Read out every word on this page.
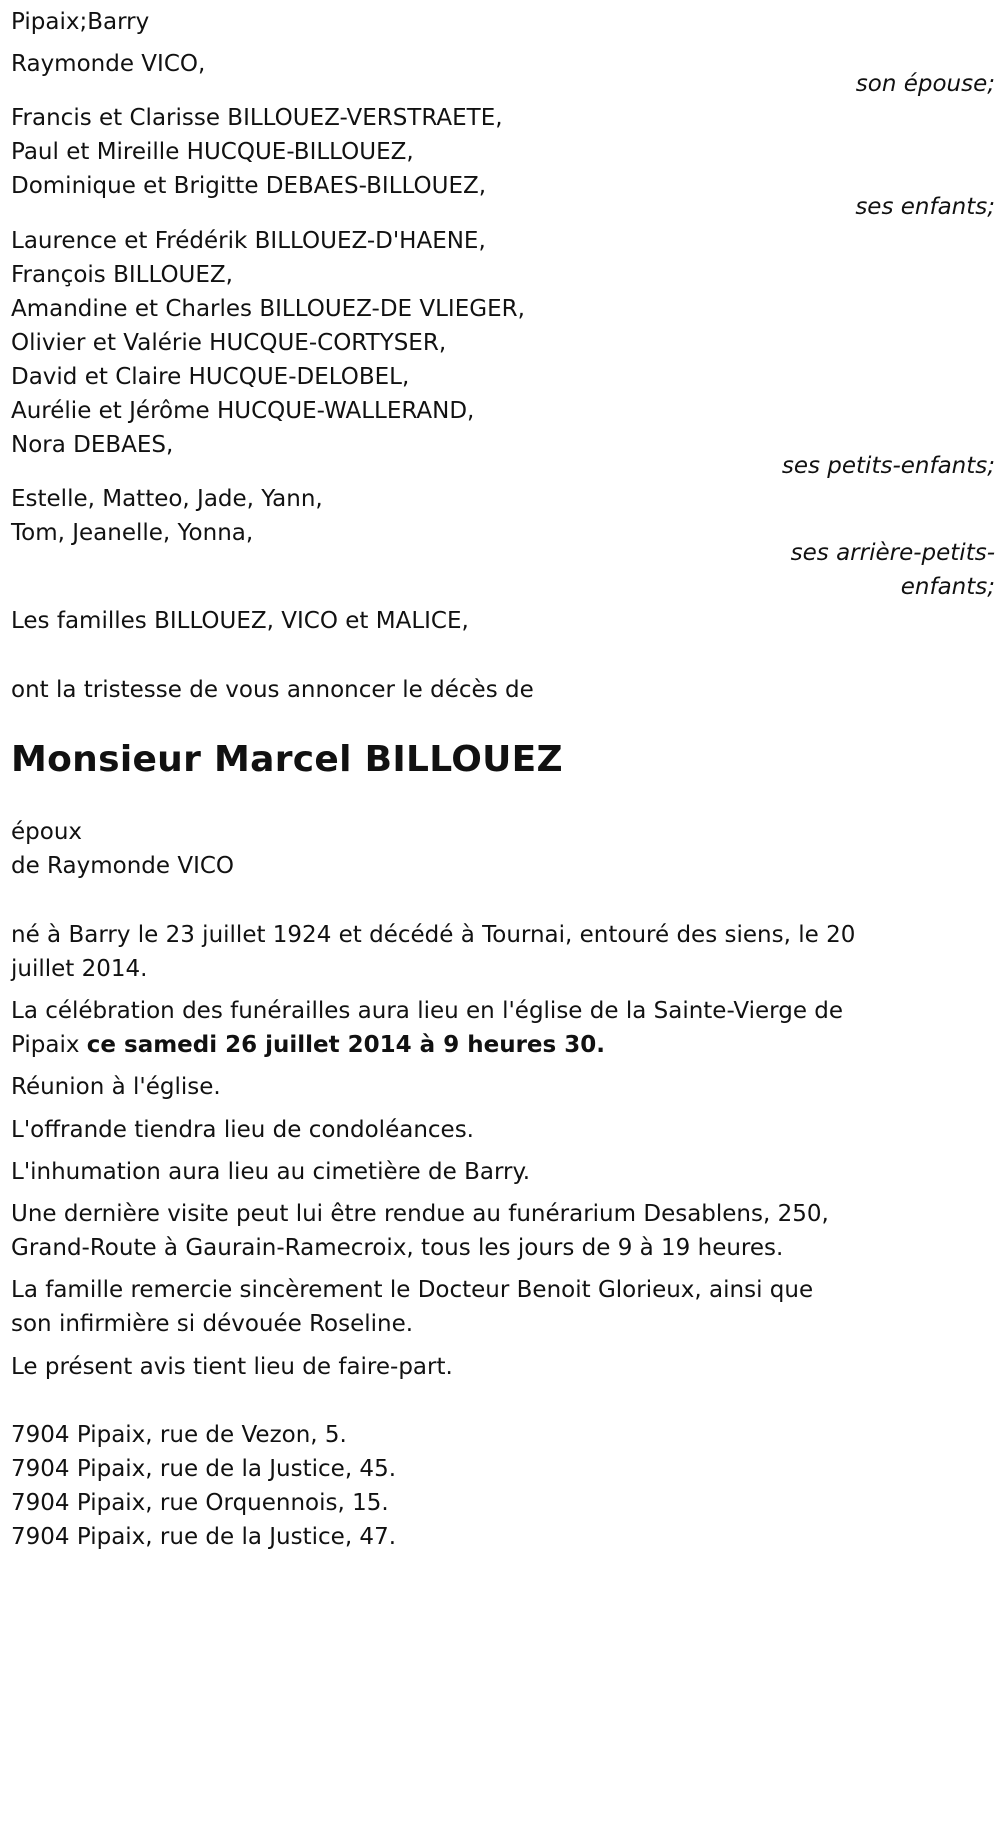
Pipaix;Barry
Raymonde VICO,
son épouse;
Francis et Clarisse BILLOUEZ-VERSTRAETE,
Paul et Mireille HUCQUE-BILLOUEZ,
Dominique et Brigitte DEBAES-BILLOUEZ,
ses enfants;
Laurence et Frédérik BILLOUEZ-D'HAENE,
François BILLOUEZ,
Amandine et Charles BILLOUEZ-DE VLIEGER,
Olivier et Valérie HUCQUE-CORTYSER,
David et Claire HUCQUE-DELOBEL,
Aurélie et Jérôme HUCQUE-WALLERAND,
Nora DEBAES,
ses petits-enfants;
Estelle, Matteo, Jade, Yann,
Tom, Jeanelle, Yonna,
ses arrière-petits-
enfants;
Les familles BILLOUEZ, VICO et MALICE,
ont la tristesse de vous annoncer le décès de
Monsieur Marcel BILLOUEZ
époux
de Raymonde VICO
né à Barry le 23 juillet 1924 et décédé à Tournai, entouré des siens, le 20
juillet 2014.
La célébration des funérailles aura lieu en l'église de la Sainte-Vierge de
Pipaix ce samedi 26 juillet 2014 à 9 heures 30.
Réunion à l'église.
L'offrande tiendra lieu de condoléances.
L'inhumation aura lieu au cimetière de Barry.
Une dernière visite peut lui être rendue au funérarium Desablens, 250,
Grand-Route à Gaurain-Ramecroix, tous les jours de 9 à 19 heures.
La famille remercie sincèrement le Docteur Benoit Glorieux, ainsi que
son infirmière si dévouée Roseline.
Le présent avis tient lieu de faire-part.
7904 Pipaix, rue de Vezon, 5.
7904 Pipaix, rue de la Justice, 45.
7904 Pipaix, rue Orquennois, 15.
7904 Pipaix, rue de la Justice, 47.
